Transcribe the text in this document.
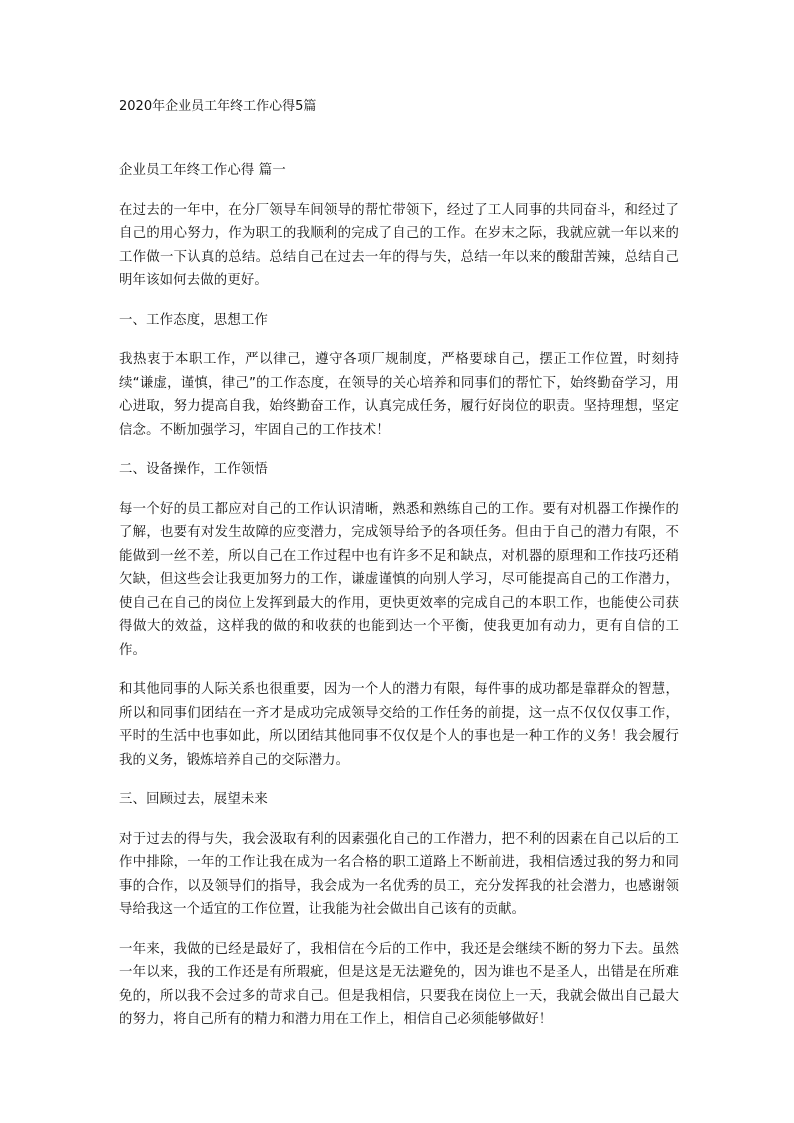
2020年企业员工年终工作心得5篇
企业员工年终工作心得 篇一

在过去的一年中，在分厂领导车间领导的帮忙带领下，经过了工人同事的共同奋斗，和经过了自己的用心努力，作为职工的我顺利的完成了自己的工作。在岁末之际，我就应就一年以来的工作做一下认真的总结。总结自己在过去一年的得与失，总结一年以来的酸甜苦辣，总结自己明年该如何去做的更好。

一、工作态度，思想工作

我热衷于本职工作，严以律己，遵守各项厂规制度，严格要球自己，摆正工作位置，时刻持续“谦虚，谨慎，律己”的工作态度，在领导的关心培养和同事们的帮忙下，始终勤奋学习，用心进取，努力提高自我，始终勤奋工作，认真完成任务，履行好岗位的职责。坚持理想，坚定信念。不断加强学习，牢固自己的工作技术！

二、设备操作，工作领悟

每一个好的员工都应对自己的工作认识清晰，熟悉和熟练自己的工作。要有对机器工作操作的了解，也要有对发生故障的应变潜力，完成领导给予的各项任务。但由于自己的潜力有限，不能做到一丝不差，所以自己在工作过程中也有许多不足和缺点，对机器的原理和工作技巧还稍欠缺，但这些会让我更加努力的工作，谦虚谨慎的向别人学习，尽可能提高自己的工作潜力，使自己在自己的岗位上发挥到最大的作用，更快更效率的完成自己的本职工作，也能使公司获得做大的效益，这样我的做的和收获的也能到达一个平衡，使我更加有动力，更有自信的工作。

和其他同事的人际关系也很重要，因为一个人的潜力有限，每件事的成功都是靠群众的智慧，所以和同事们团结在一齐才是成功完成领导交给的工作任务的前提，这一点不仅仅仅事工作，平时的生活中也事如此，所以团结其他同事不仅仅是个人的事也是一种工作的义务！我会履行我的义务，锻炼培养自己的交际潜力。

三、回顾过去，展望未来

对于过去的得与失，我会汲取有利的因素强化自己的工作潜力，把不利的因素在自己以后的工作中排除，一年的工作让我在成为一名合格的职工道路上不断前进，我相信透过我的努力和同事的合作，以及领导们的指导，我会成为一名优秀的员工，充分发挥我的社会潜力，也感谢领导给我这一个适宜的工作位置，让我能为社会做出自己该有的贡献。

一年来，我做的已经是最好了，我相信在今后的工作中，我还是会继续不断的努力下去。虽然一年以来，我的工作还是有所瑕疵，但是这是无法避免的，因为谁也不是圣人，出错是在所难免的，所以我不会过多的苛求自己。但是我相信，只要我在岗位上一天，我就会做出自己最大的努力，将自己所有的精力和潜力用在工作上，相信自己必须能够做好！
